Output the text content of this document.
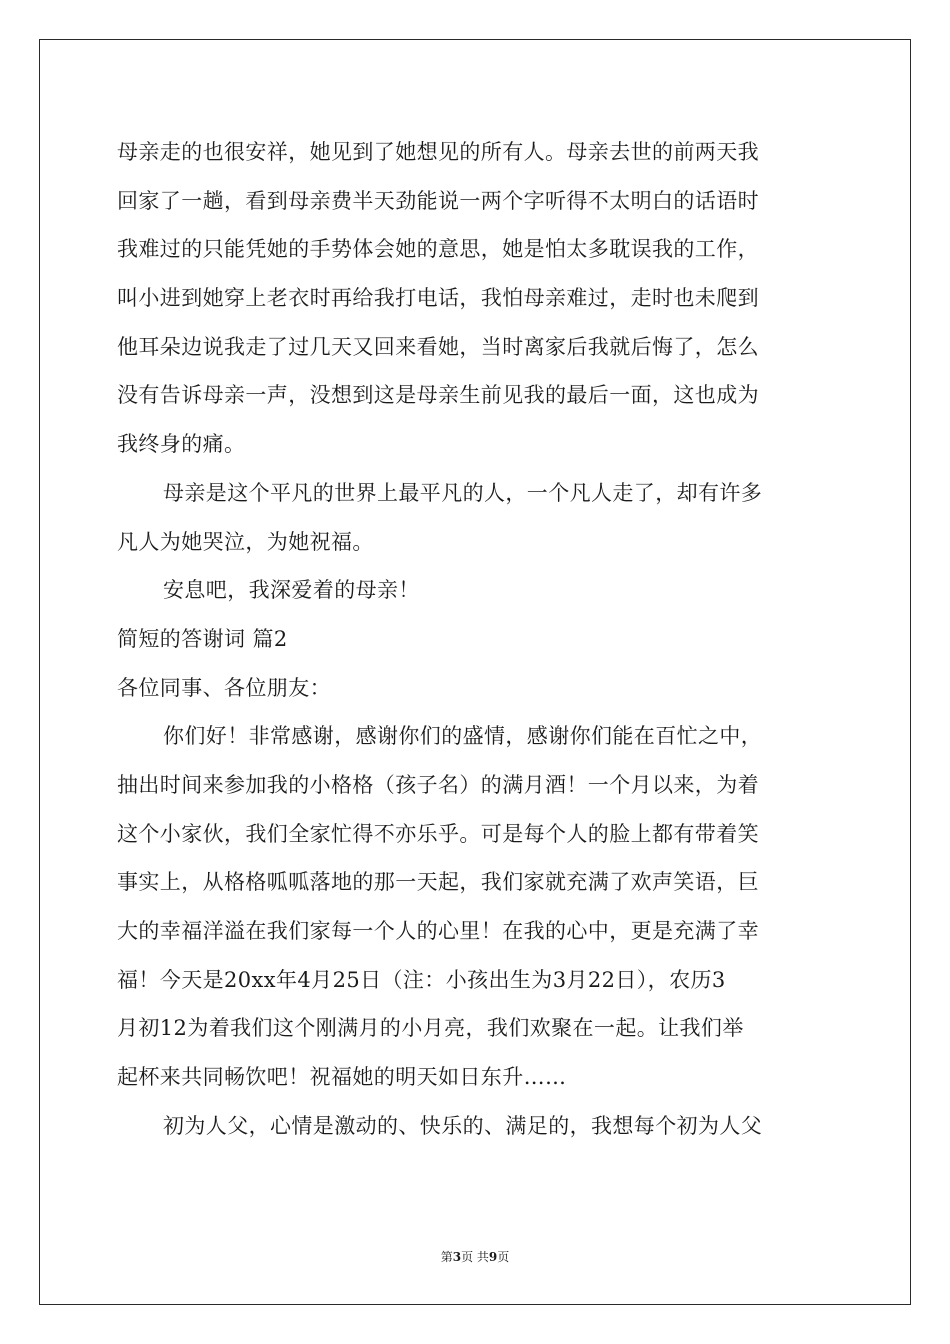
母亲走的也很安祥，她见到了她想见的所有人。母亲去世的前两天我
回家了一趟，看到母亲费半天劲能说一两个字听得不太明白的话语时
我难过的只能凭她的手势体会她的意思，她是怕太多耽误我的工作，
叫小进到她穿上老衣时再给我打电话，我怕母亲难过，走时也未爬到
他耳朵边说我走了过几天又回来看她，当时离家后我就后悔了，怎么
没有告诉母亲一声，没想到这是母亲生前见我的最后一面，这也成为
我终身的痛。
母亲是这个平凡的世界上最平凡的人，一个凡人走了，却有许多
凡人为她哭泣，为她祝福。
安息吧，我深爱着的母亲！
简短的答谢词 篇2
各位同事、各位朋友：
你们好！非常感谢，感谢你们的盛情，感谢你们能在百忙之中，
抽出时间来参加我的小格格（孩子名）的满月酒！一个月以来，为着
这个小家伙，我们全家忙得不亦乐乎。可是每个人的脸上都有带着笑
事实上，从格格呱呱落地的那一天起，我们家就充满了欢声笑语，巨
大的幸福洋溢在我们家每一个人的心里！在我的心中，更是充满了幸
福！今天是20xx年4月25日（注：小孩出生为3月22日），农历3
月初12为着我们这个刚满月的小月亮，我们欢聚在一起。让我们举
起杯来共同畅饮吧！祝福她的明天如日东升……
初为人父，心情是激动的、快乐的、满足的，我想每个初为人父
第3页 共9页
